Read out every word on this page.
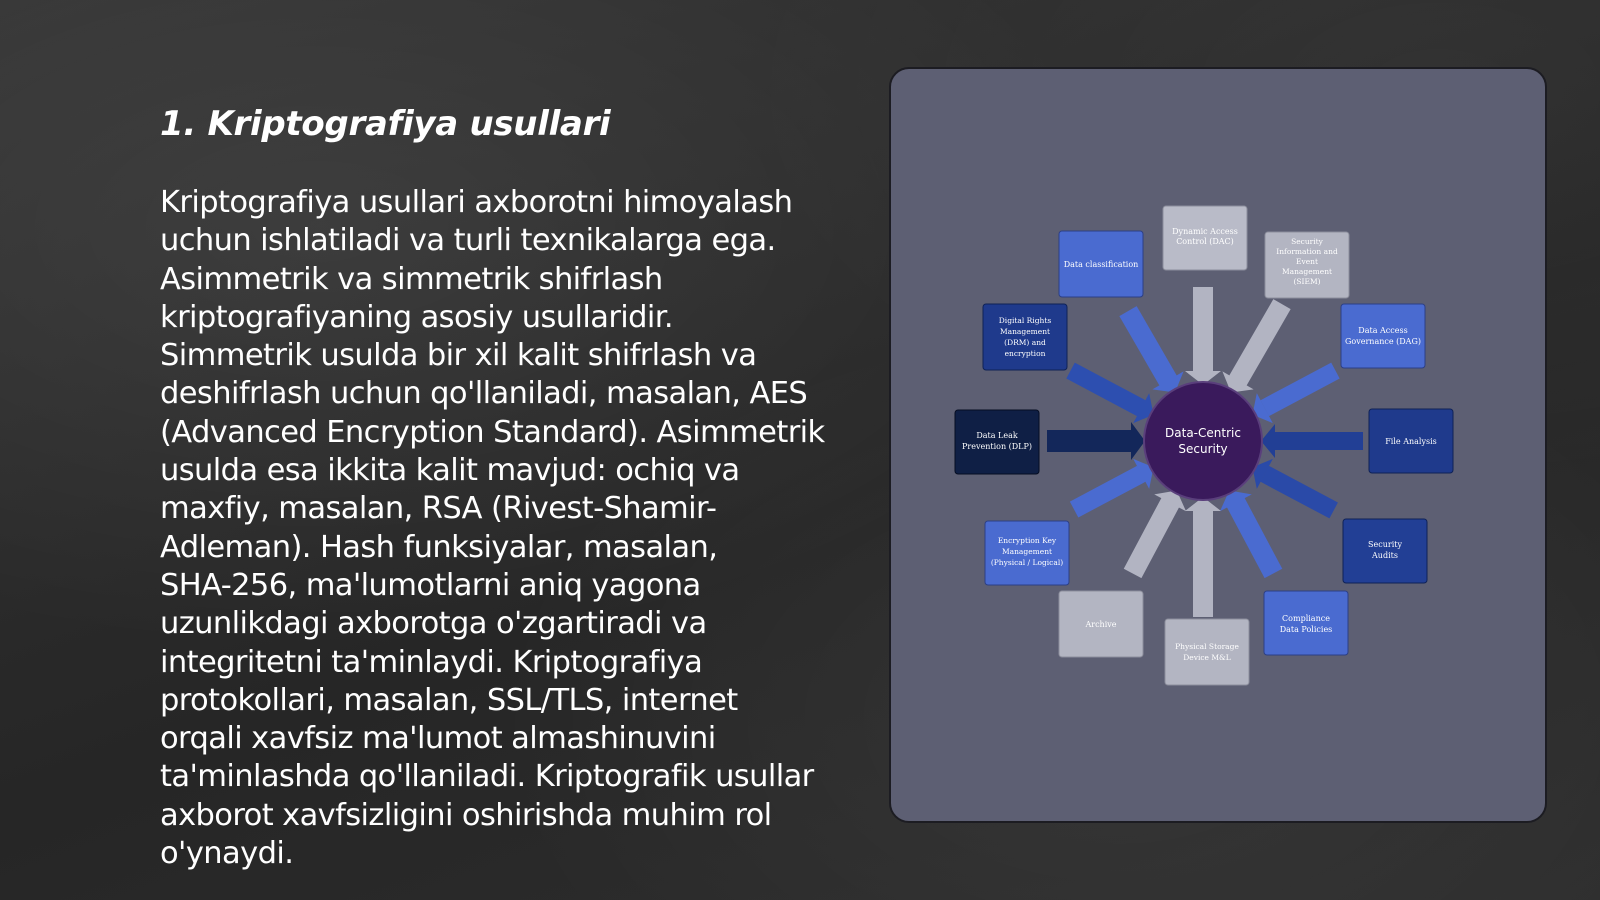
1. Kriptografiya usullari

Kriptografiya usullari axborotni himoyalash
uchun ishlatiladi va turli texnikalarga ega.
Asimmetrik va simmetrik shifrlash
kriptografiyaning asosiy usullaridir.
Simmetrik usulda bir xil kalit shifrlash va
deshifrlash uchun qo'llaniladi, masalan, AES
(Advanced Encryption Standard). Asimmetrik
usulda esa ikkita kalit mavjud: ochiq va
maxfiy, masalan, RSA (Rivest-Shamir-
Adleman). Hash funksiyalar, masalan,
SHA-256, ma'lumotlarni aniq yagona
uzunlikdagi axborotga o'zgartiradi va
integritetni ta'minlaydi. Kriptografiya
protokollari, masalan, SSL/TLS, internet
orqali xavfsiz ma'lumot almashinuvini
ta'minlashda qo'llaniladi. Kriptografik usullar
axborot xavfsizligini oshirishda muhim rol
o'ynaydi.

Data-Centric
Security
Dynamic Access
Control (DAC)	Security
Information and
Event
Management
(SIEM)
Data Access
Governance (DAG)
File Analysis
Security
Audits
Compliance
Data Policies
Physical Storage
Device M&L
Archive
Encryption Key
Management
(Physical / Logical)
Data Leak
Prevention (DLP)
Digital Rights
Management
(DRM) and
encryption
Data classification
